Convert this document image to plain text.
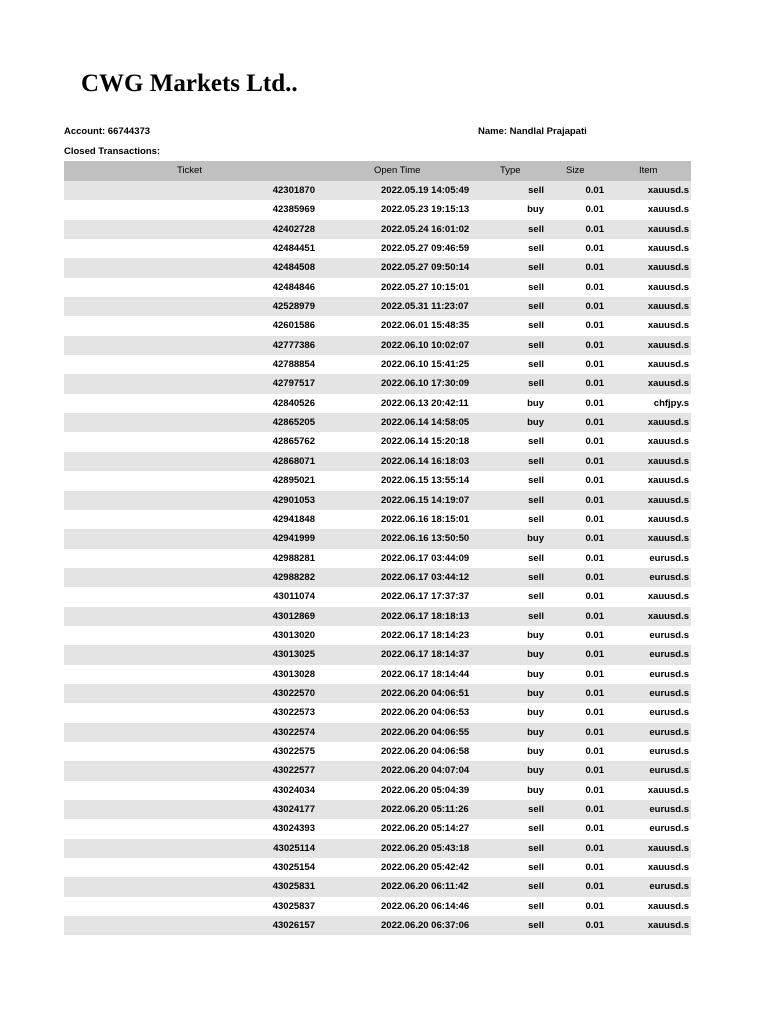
CWG Markets Ltd..
Account: 66744373	Name: Nandlal Prajapati
Closed Transactions:
Ticket	Open Time	Type	Size	Item
42301870	2022.05.19 14:05:49	sell	0.01	xauusd.s
42385969	2022.05.23 19:15:13	buy	0.01	xauusd.s
42402728	2022.05.24 16:01:02	sell	0.01	xauusd.s
42484451	2022.05.27 09:46:59	sell	0.01	xauusd.s
42484508	2022.05.27 09:50:14	sell	0.01	xauusd.s
42484846	2022.05.27 10:15:01	sell	0.01	xauusd.s
42528979	2022.05.31 11:23:07	sell	0.01	xauusd.s
42601586	2022.06.01 15:48:35	sell	0.01	xauusd.s
42777386	2022.06.10 10:02:07	sell	0.01	xauusd.s
42788854	2022.06.10 15:41:25	sell	0.01	xauusd.s
42797517	2022.06.10 17:30:09	sell	0.01	xauusd.s
42840526	2022.06.13 20:42:11	buy	0.01	chfjpy.s
42865205	2022.06.14 14:58:05	buy	0.01	xauusd.s
42865762	2022.06.14 15:20:18	sell	0.01	xauusd.s
42868071	2022.06.14 16:18:03	sell	0.01	xauusd.s
42895021	2022.06.15 13:55:14	sell	0.01	xauusd.s
42901053	2022.06.15 14:19:07	sell	0.01	xauusd.s
42941848	2022.06.16 18:15:01	sell	0.01	xauusd.s
42941999	2022.06.16 13:50:50	buy	0.01	xauusd.s
42988281	2022.06.17 03:44:09	sell	0.01	eurusd.s
42988282	2022.06.17 03:44:12	sell	0.01	eurusd.s
43011074	2022.06.17 17:37:37	sell	0.01	xauusd.s
43012869	2022.06.17 18:18:13	sell	0.01	xauusd.s
43013020	2022.06.17 18:14:23	buy	0.01	eurusd.s
43013025	2022.06.17 18:14:37	buy	0.01	eurusd.s
43013028	2022.06.17 18:14:44	buy	0.01	eurusd.s
43022570	2022.06.20 04:06:51	buy	0.01	eurusd.s
43022573	2022.06.20 04:06:53	buy	0.01	eurusd.s
43022574	2022.06.20 04:06:55	buy	0.01	eurusd.s
43022575	2022.06.20 04:06:58	buy	0.01	eurusd.s
43022577	2022.06.20 04:07:04	buy	0.01	eurusd.s
43024034	2022.06.20 05:04:39	buy	0.01	xauusd.s
43024177	2022.06.20 05:11:26	sell	0.01	eurusd.s
43024393	2022.06.20 05:14:27	sell	0.01	eurusd.s
43025114	2022.06.20 05:43:18	sell	0.01	xauusd.s
43025154	2022.06.20 05:42:42	sell	0.01	xauusd.s
43025831	2022.06.20 06:11:42	sell	0.01	eurusd.s
43025837	2022.06.20 06:14:46	sell	0.01	xauusd.s
43026157	2022.06.20 06:37:06	sell	0.01	xauusd.s
